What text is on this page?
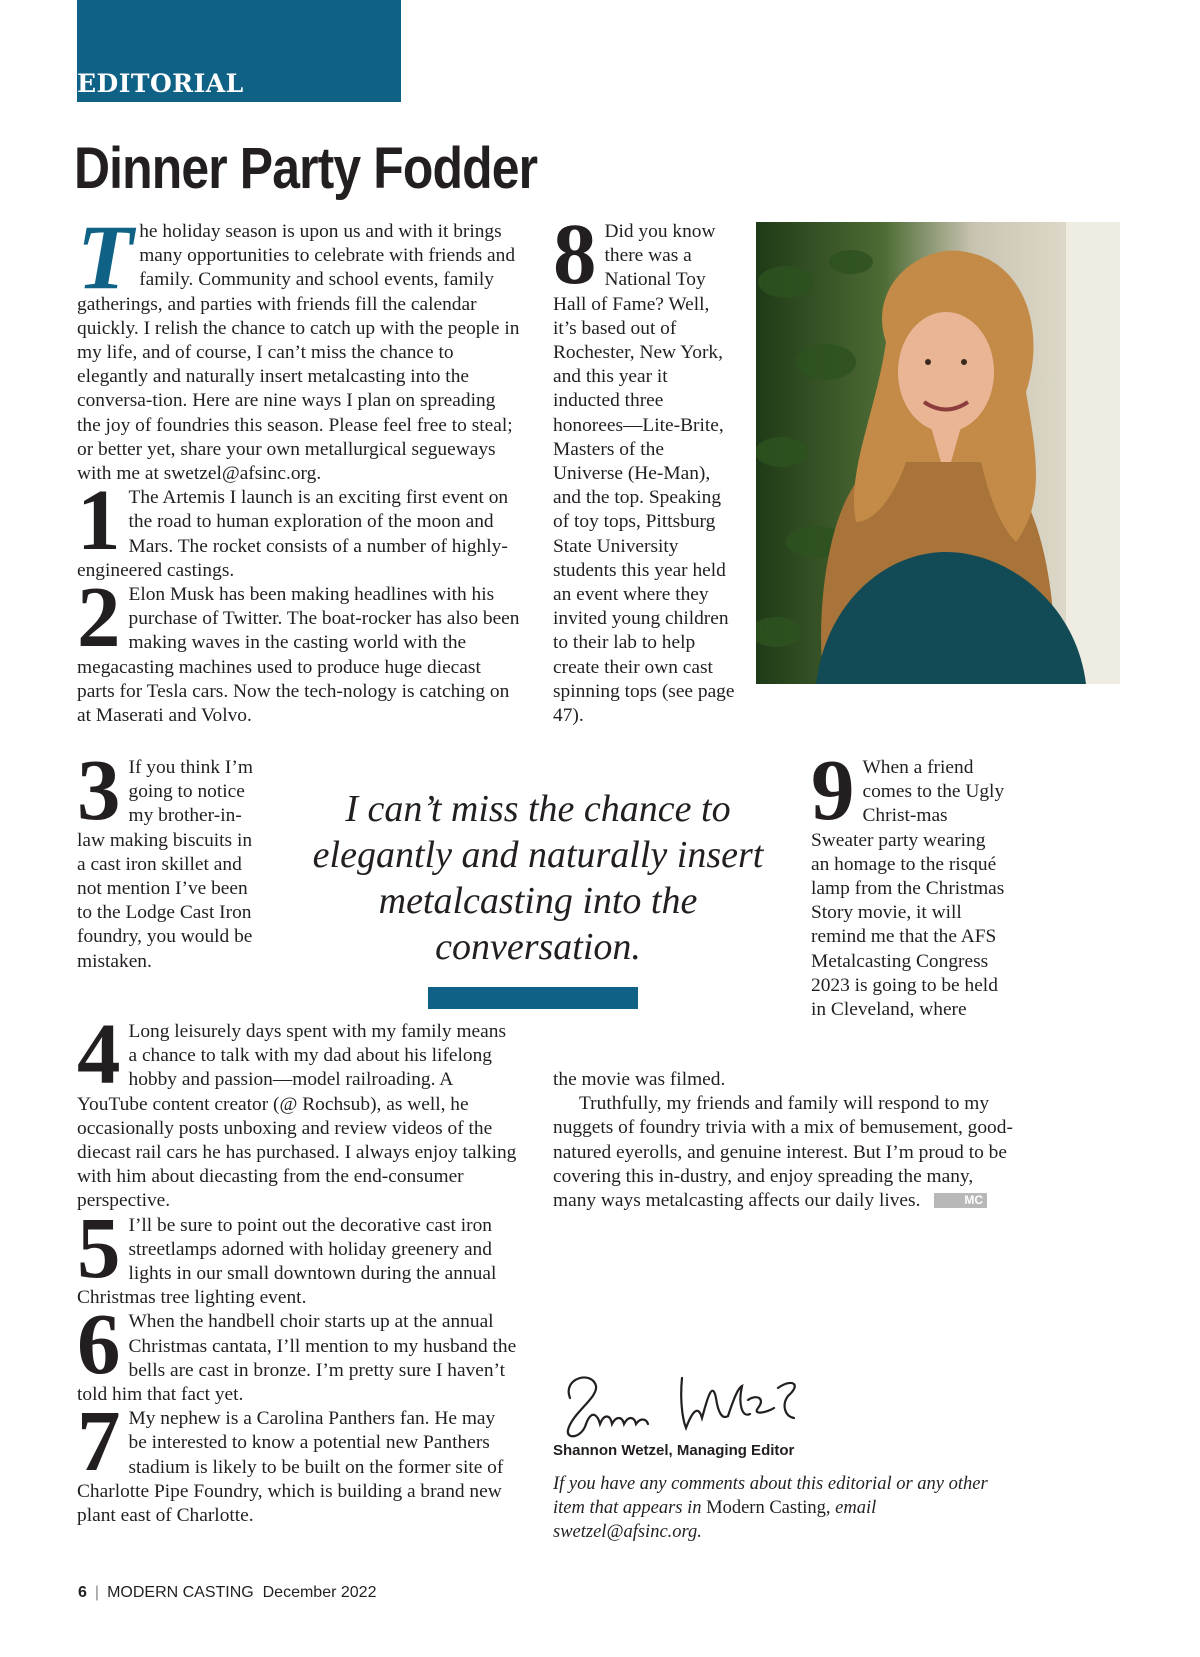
EDITORIAL
Dinner Party Fodder

The holiday season is upon us and with it brings many opportunities to celebrate with friends and family. Community and school events, family gatherings, and parties with friends fill the calendar quickly. I relish the chance to catch up with the people in my life, and of course, I can’t miss the chance to elegantly and naturally insert metalcasting into the conversa-tion. Here are nine ways I plan on spreading the joy of foundries this season. Please feel free to steal; or better yet, share your own metallurgical segueways with me at swetzel@afsinc.org.

1 The Artemis I launch is an exciting first event on the road to human exploration of the moon and Mars. The rocket consists of a number of highly-engineered castings.

2 Elon Musk has been making headlines with his purchase of Twitter. The boat-rocker has also been making waves in the casting world with the megacasting machines used to produce huge diecast parts for Tesla cars. Now the tech-nology is catching on at Maserati and Volvo.

3 If you think I’m going to notice my brother-in-law making biscuits in a cast iron skillet and not mention I’ve been to the Lodge Cast Iron foundry, you would be mistaken.

4 Long leisurely days spent with my family means a chance to talk with my dad about his lifelong hobby and passion—model railroading. A YouTube content creator (@ Rochsub), as well, he occasionally posts unboxing and review videos of the diecast rail cars he has purchased. I always enjoy talking with him about diecasting from the end-consumer perspective.

5 I’ll be sure to point out the decorative cast iron streetlamps adorned with holiday greenery and lights in our small downtown during the annual Christmas tree lighting event.

6 When the handbell choir starts up at the annual Christmas cantata, I’ll mention to my husband the bells are cast in bronze. I’m pretty sure I haven’t told him that fact yet.

7 My nephew is a Carolina Panthers fan. He may be interested to know a potential new Panthers stadium is likely to be built on the former site of Charlotte Pipe Foundry, which is building a brand new plant east of Charlotte.

8 Did you know there was a National Toy Hall of Fame? Well, it’s based out of Rochester, New York, and this year it inducted three honorees—Lite-Brite, Masters of the Universe (He-Man), and the top. Speaking of toy tops, Pittsburg State University students this year held an event where they invited young children to their lab to help create their own cast spinning tops (see page 47).

I can’t miss the chance to elegantly and naturally insert metalcasting into the conversation.

9 When a friend comes to the Ugly Christ-mas Sweater party wearing an homage to the risqué lamp from the Christmas Story movie, it will remind me that the AFS Metalcasting Congress 2023 is going to be held in Cleveland, where

the movie was filmed.

Truthfully, my friends and family will respond to my nuggets of foundry trivia with a mix of bemusement, good-natured eyerolls, and genuine interest. But I’m proud to be covering this in-dustry, and enjoy spreading the many, many ways metalcasting affects our daily lives.	MC

Shannon Wetzel, Managing Editor
If you have any comments about this editorial or any other item that appears in Modern Casting, email swetzel@afsinc.org.
6 | MODERN CASTING December 2022
